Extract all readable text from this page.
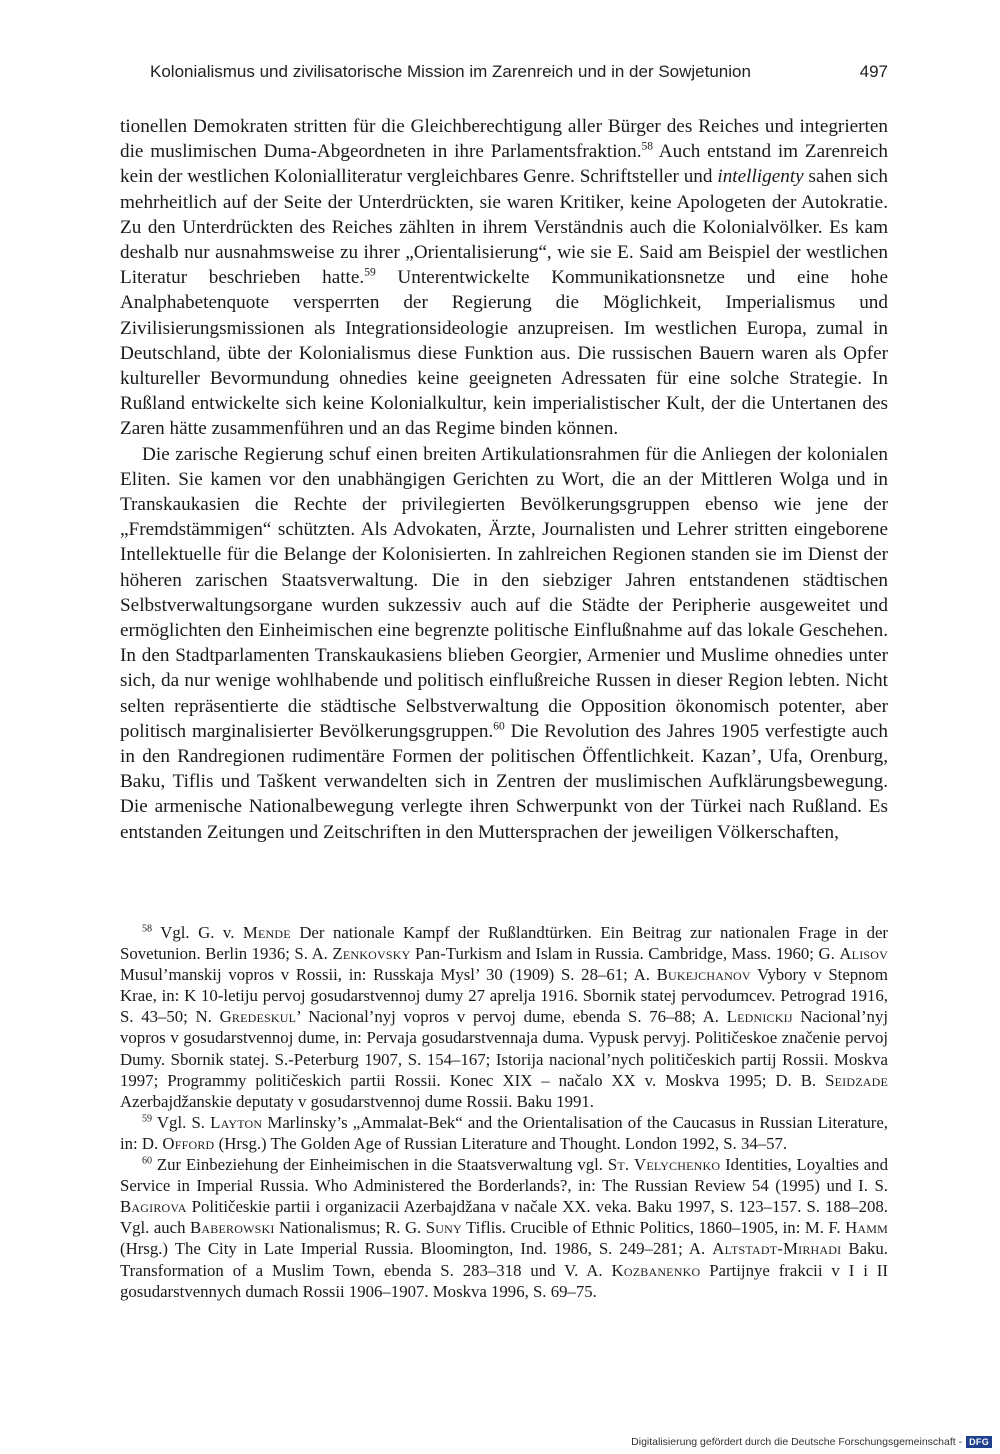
Kolonialismus und zivilisatorische Mission im Zarenreich und in der Sowjetunion	497

tionellen Demokraten stritten für die Gleichberechtigung aller Bürger des Reiches und integrierten die muslimischen Duma-Abgeordneten in ihre Parlamentsfraktion.$^{58}$ Auch entstand im Zarenreich kein der westlichen Kolonialliteratur vergleichbares Genre. Schriftsteller und intelligenty sahen sich mehrheitlich auf der Seite der Unterdrückten, sie waren Kritiker, keine Apologeten der Autokratie. Zu den Unterdrückten des Reiches zählten in ihrem Verständnis auch die Kolonialvölker. Es kam deshalb nur ausnahmsweise zu ihrer „Orientalisierung“, wie sie E. Said am Beispiel der westlichen Literatur beschrieben hatte.$^{59}$ Unterentwickelte Kommunikationsnetze und eine hohe Analphabetenquote versperrten der Regierung die Möglichkeit, Imperialismus und Zivilisierungsmissionen als Integrationsideologie anzupreisen. Im westlichen Europa, zumal in Deutschland, übte der Kolonialismus diese Funktion aus. Die russischen Bauern waren als Opfer kultureller Bevormundung ohnedies keine geeigneten Adressaten für eine solche Strategie. In Rußland entwickelte sich keine Kolonialkultur, kein imperialistischer Kult, der die Untertanen des Zaren hätte zusammenführen und an das Regime binden können.

Die zarische Regierung schuf einen breiten Artikulationsrahmen für die Anliegen der kolonialen Eliten. Sie kamen vor den unabhängigen Gerichten zu Wort, die an der Mittleren Wolga und in Transkaukasien die Rechte der privilegierten Bevölkerungsgruppen ebenso wie jene der „Fremdstämmigen“ schützten. Als Advokaten, Ärzte, Journalisten und Lehrer stritten eingeborene Intellektuelle für die Belange der Kolonisierten. In zahlreichen Regionen standen sie im Dienst der höheren zarischen Staatsverwaltung. Die in den siebziger Jahren entstandenen städtischen Selbstverwaltungsorgane wurden sukzessiv auch auf die Städte der Peripherie ausgeweitet und ermöglichten den Einheimischen eine begrenzte politische Einflußnahme auf das lokale Geschehen. In den Stadtparlamenten Transkaukasiens blieben Georgier, Armenier und Muslime ohnedies unter sich, da nur wenige wohlhabende und politisch einflußreiche Russen in dieser Region lebten. Nicht selten repräsentierte die städtische Selbstverwaltung die Opposition ökonomisch potenter, aber politisch marginalisierter Bevölkerungsgruppen.$^{60}$ Die Revolution des Jahres 1905 verfestigte auch in den Randregionen rudimentäre Formen der politischen Öffentlichkeit. Kazan’, Ufa, Orenburg, Baku, Tiflis und Taškent verwandelten sich in Zentren der muslimischen Aufklärungsbewegung. Die armenische Nationalbewegung verlegte ihren Schwerpunkt von der Türkei nach Rußland. Es entstanden Zeitungen und Zeitschriften in den Muttersprachen der jeweiligen Völkerschaften,

$^{58}$ Vgl. G. v. Mende Der nationale Kampf der Rußlandtürken. Ein Beitrag zur nationalen Frage in der Sovetunion. Berlin 1936; S. A. Zenkovsky Pan-Turkism and Islam in Russia. Cambridge, Mass. 1960; G. Alisov Musul’manskij vopros v Rossii, in: Russkaja Mysl’ 30 (1909) S. 28–61; A. Bukejchanov Vybory v Stepnom Krae, in: K 10-letiju pervoj gosudarstvennoj dumy 27 aprelja 1916. Sbornik statej pervodumcev. Petrograd 1916, S. 43–50; N. Gredeskul’ Nacional’nyj vopros v pervoj dume, ebenda S. 76–88; A. Lednickij Nacional’nyj vopros v gosudarstvennoj dume, in: Pervaja gosudarstvennaja duma. Vypusk pervyj. Političeskoe značenie pervoj Dumy. Sbornik statej. S.-Peterburg 1907, S. 154–167; Istorija nacional’nych političeskich partij Rossii. Moskva 1997; Programmy političeskich partii Rossii. Konec XIX – načalo XX v. Moskva 1995; D. B. Seidzade Azerbajdžanskie deputaty v gosudarstvennoj dume Rossii. Baku 1991.

$^{59}$ Vgl. S. Layton Marlinsky’s „Ammalat-Bek“ and the Orientalisation of the Caucasus in Russian Literature, in: D. Offord (Hrsg.) The Golden Age of Russian Literature and Thought. London 1992, S. 34–57.

$^{60}$ Zur Einbeziehung der Einheimischen in die Staatsverwaltung vgl. St. Velychenko Identities, Loyalties and Service in Imperial Russia. Who Administered the Borderlands?, in: The Russian Review 54 (1995) und I. S. Bagirova Političeskie partii i organizacii Azerbajdžana v načale XX. veka. Baku 1997, S. 123–157. S. 188–208. Vgl. auch Baberowski Nationalismus; R. G. Suny Tiflis. Crucible of Ethnic Politics, 1860–1905, in: M. F. Hamm (Hrsg.) The City in Late Imperial Russia. Bloomington, Ind. 1986, S. 249–281; A. Altstadt-Mirhadi Baku. Transformation of a Muslim Town, ebenda S. 283–318 und V. A. Kozbanenko Partijnye frakcii v I i II gosudarstvennych dumach Rossii 1906–1907. Moskva 1996, S. 69–75.

Digitalisierung gefördert durch die Deutsche Forschungsgemeinschaft - DFG
